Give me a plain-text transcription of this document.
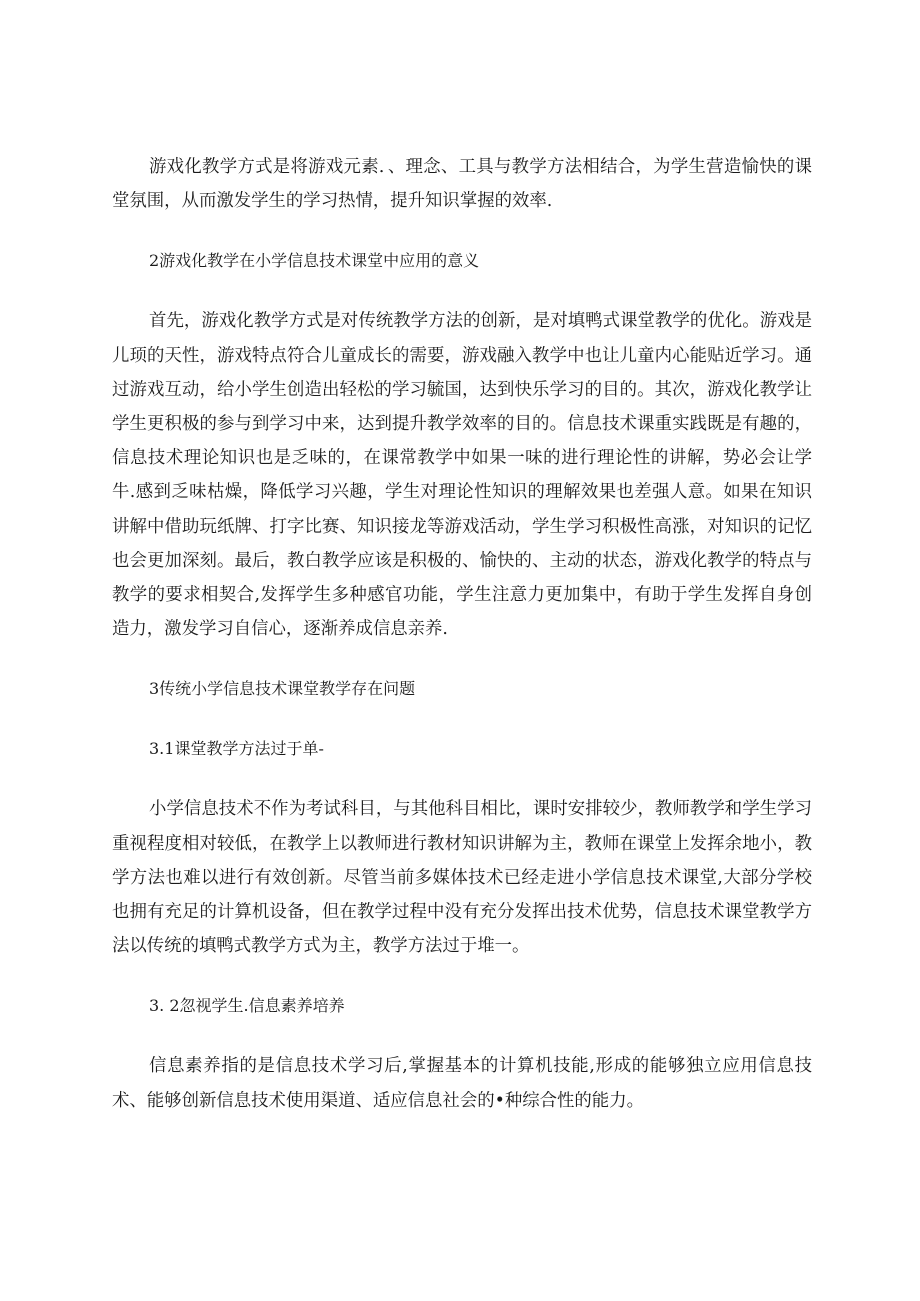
游戏化教学方式是将游戏元素．、理念、工具与教学方法相结合，为学生营造愉快的课堂氛围，从而激发学生的学习热情，提升知识掌握的效率.

2游戏化教学在小学信息技术课堂中应用的意义

首先，游戏化教学方式是对传统教学方法的创新，是对填鸭式课堂教学的优化。游戏是儿顼的天性，游戏特点符合儿童成长的需要，游戏融入教学中也让儿童内心能贴近学习。通过游戏互动，给小学生创造出轻松的学习毓国，达到快乐学习的目的。其次，游戏化教学让学生更积极的参与到学习中来，达到提升教学效率的目的。信息技术课重实践既是有趣的，信息技术理论知识也是乏味的，在课常教学中如果一味的进行理论性的讲解，势必会让学牛.感到乏味枯燥，降低学习兴趣，学生对理论性知识的理解效果也差强人意。如果在知识讲解中借助玩纸牌、打字比赛、知识接龙等游戏活动，学生学习积极性高涨，对知识的记忆也会更加深刻。最后，教白教学应该是积极的、愉快的、主动的状态，游戏化教学的特点与教学的要求相契合,发挥学生多种感官功能，学生注意力更加集中，有助于学生发挥自身创造力，激发学习自信心，逐渐养成信息亲养.

3传统小学信息技术课堂教学存在问题

3.1课堂教学方法过于单-

小学信息技术不作为考试科目，与其他科目相比，课时安排较少，教师教学和学生学习重视程度相对较低，在教学上以教师进行教材知识讲解为主，教师在课堂上发挥余地小，教学方法也难以进行有效创新。尽管当前多媒体技术已经走进小学信息技术课堂,大部分学校也拥有充足的计算机设备，但在教学过程中没有充分发挥出技术优势，信息技术课堂教学方法以传统的填鸭式教学方式为主，教学方法过于堆一。

3. 2忽视学生.信息素养培养

信息素养指的是信息技术学习后,掌握基本的计算机技能,形成的能够独立应用信息技术、能够创新信息技术使用渠道、适应信息社会的•种综合性的能力。
